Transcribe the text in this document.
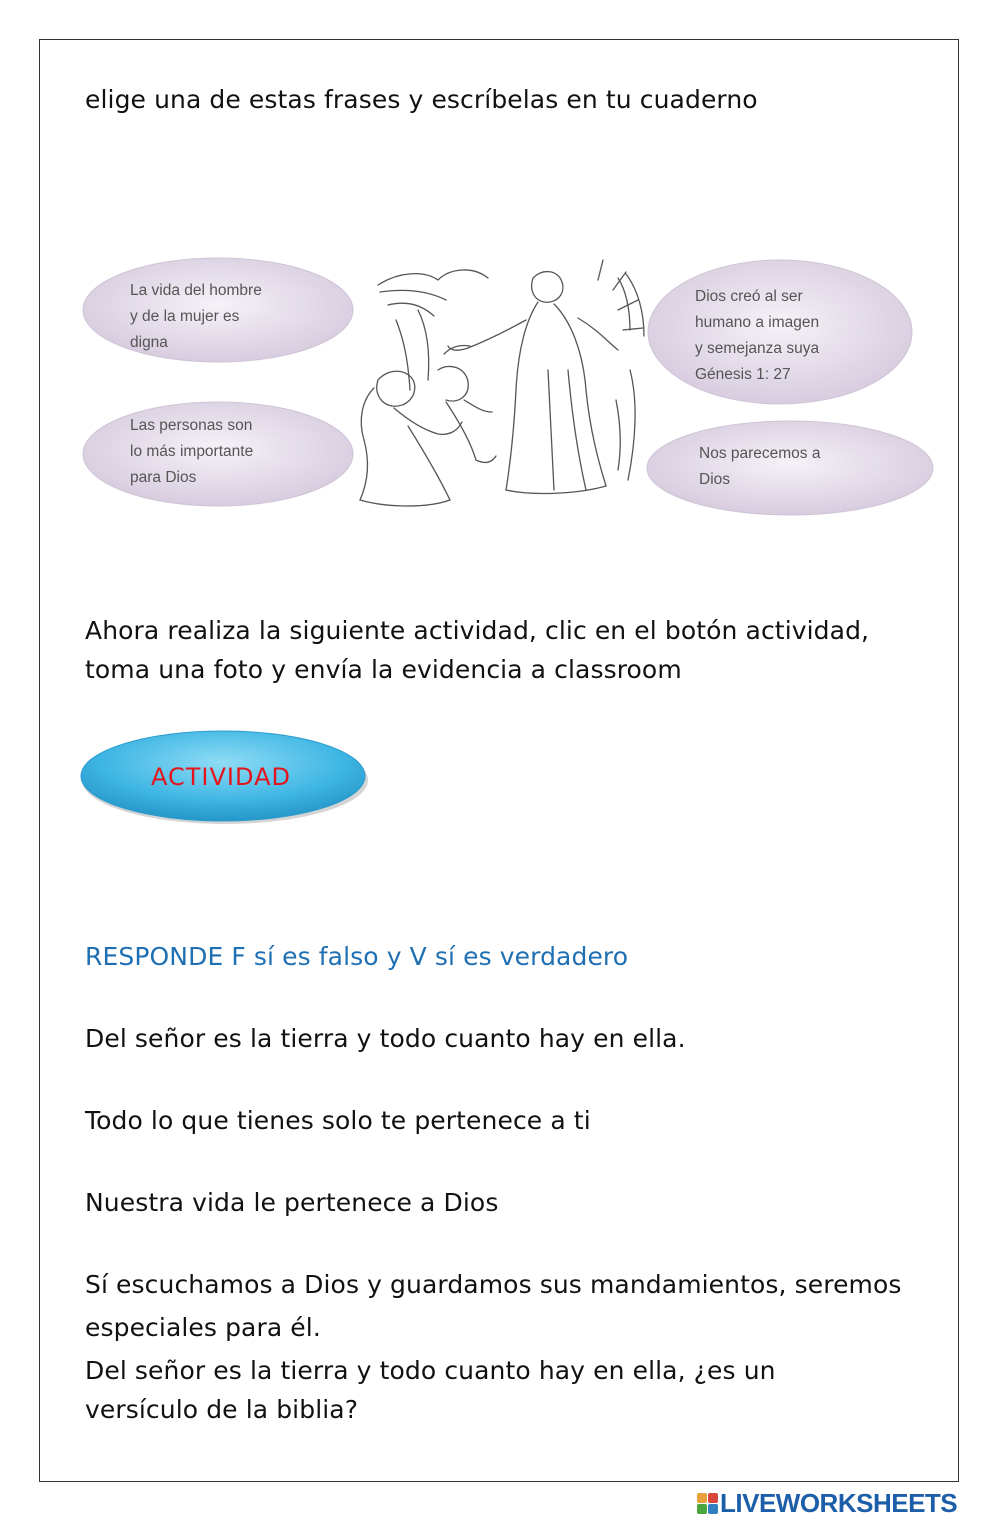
elige una de estas frases y escríbelas en tu cuaderno
La vida del hombre
y de la mujer es
digna
Las personas son
lo más importante
para Dios
Dios creó al ser
humano a imagen
y semejanza suya
Génesis 1: 27
Nos parecemos a
Dios
Ahora realiza la siguiente actividad, clic en el botón actividad,
toma una foto y envía la evidencia a classroom
ACTIVIDAD
RESPONDE F sí es falso y V sí es verdadero
Del señor es la tierra y todo cuanto hay en ella.
Todo lo que tienes solo te pertenece a ti
Nuestra vida le pertenece a Dios
Sí escuchamos a Dios y guardamos sus mandamientos, seremos
especiales para él.
Del señor es la tierra y todo cuanto hay en ella, ¿es un
versículo de la biblia?
LIVEWORKSHEETS
